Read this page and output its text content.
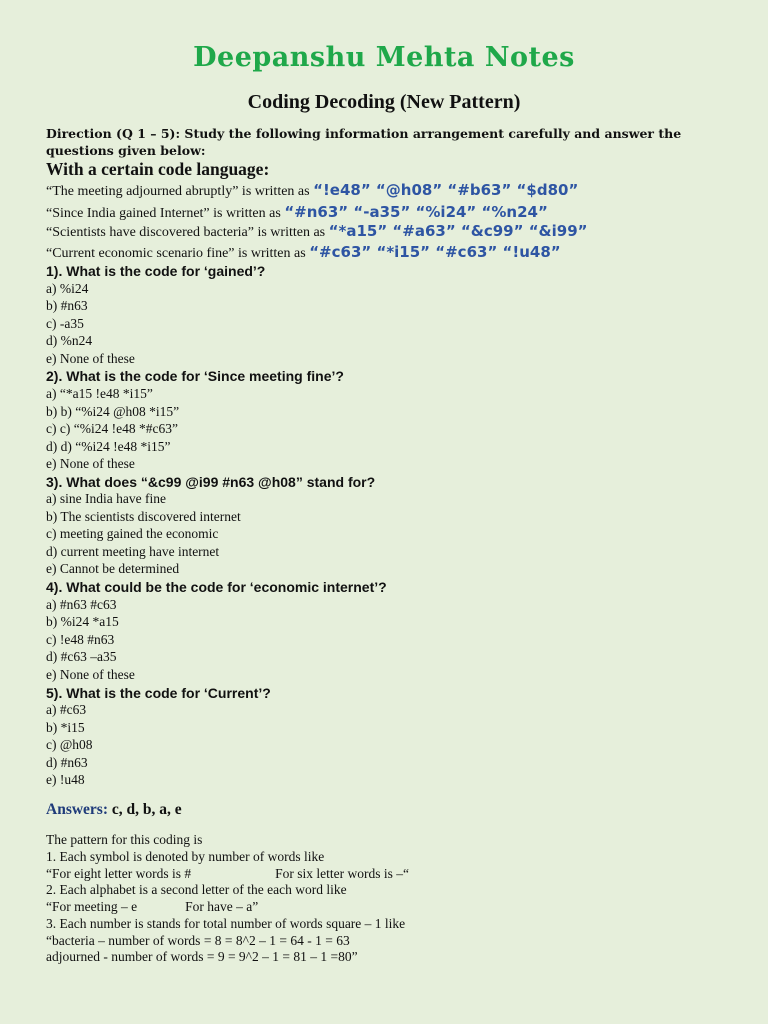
Deepanshu Mehta Notes
Coding Decoding (New Pattern)
Direction (Q 1 – 5): Study the following information arrangement carefully and answer the questions given below:
With a certain code language:
“The meeting adjourned abruptly” is written as “!e48” “@h08” “#b63” “$d80”
“Since India gained Internet” is written as “#n63” “-a35” “%i24” “%n24”
“Scientists have discovered bacteria” is written as “*a15” “#a63” “&c99” “&i99”
“Current economic scenario fine” is written as “#c63” “*i15” “#c63” “!u48”
1). What is the code for ‘gained’?
a) %i24
b) #n63
c) -a35
d) %n24
e) None of these
2). What is the code for ‘Since meeting fine’?
a) “*a15 !e48 *i15”
b) b) “%i24 @h08 *i15”
c) c) “%i24 !e48 *#c63”
d) d) “%i24 !e48 *i15”
e) None of these
3). What does “&c99 @i99 #n63 @h08” stand for?
a) sine India have fine
b) The scientists discovered internet
c) meeting gained the economic
d) current meeting have internet
e) Cannot be determined
4). What could be the code for ‘economic internet’?
a) #n63 #c63
b) %i24 *a15
c) !e48 #n63
d) #c63 –a35
e) None of these
5). What is the code for ‘Current’?
a) #c63
b) *i15
c) @h08
d) #n63
e) !u48
Answers: c, d, b, a, e
The pattern for this coding is
1. Each symbol is denoted by number of words like
“For eight letter words is #	For six letter words is –“
2. Each alphabet is a second letter of the each word like
“For meeting – e	For have – a”
3. Each number is stands for total number of words square – 1 like
“bacteria – number of words = 8 = 8^2 – 1 = 64 - 1 = 63
adjourned - number of words = 9 = 9^2 – 1 = 81 – 1 =80”
